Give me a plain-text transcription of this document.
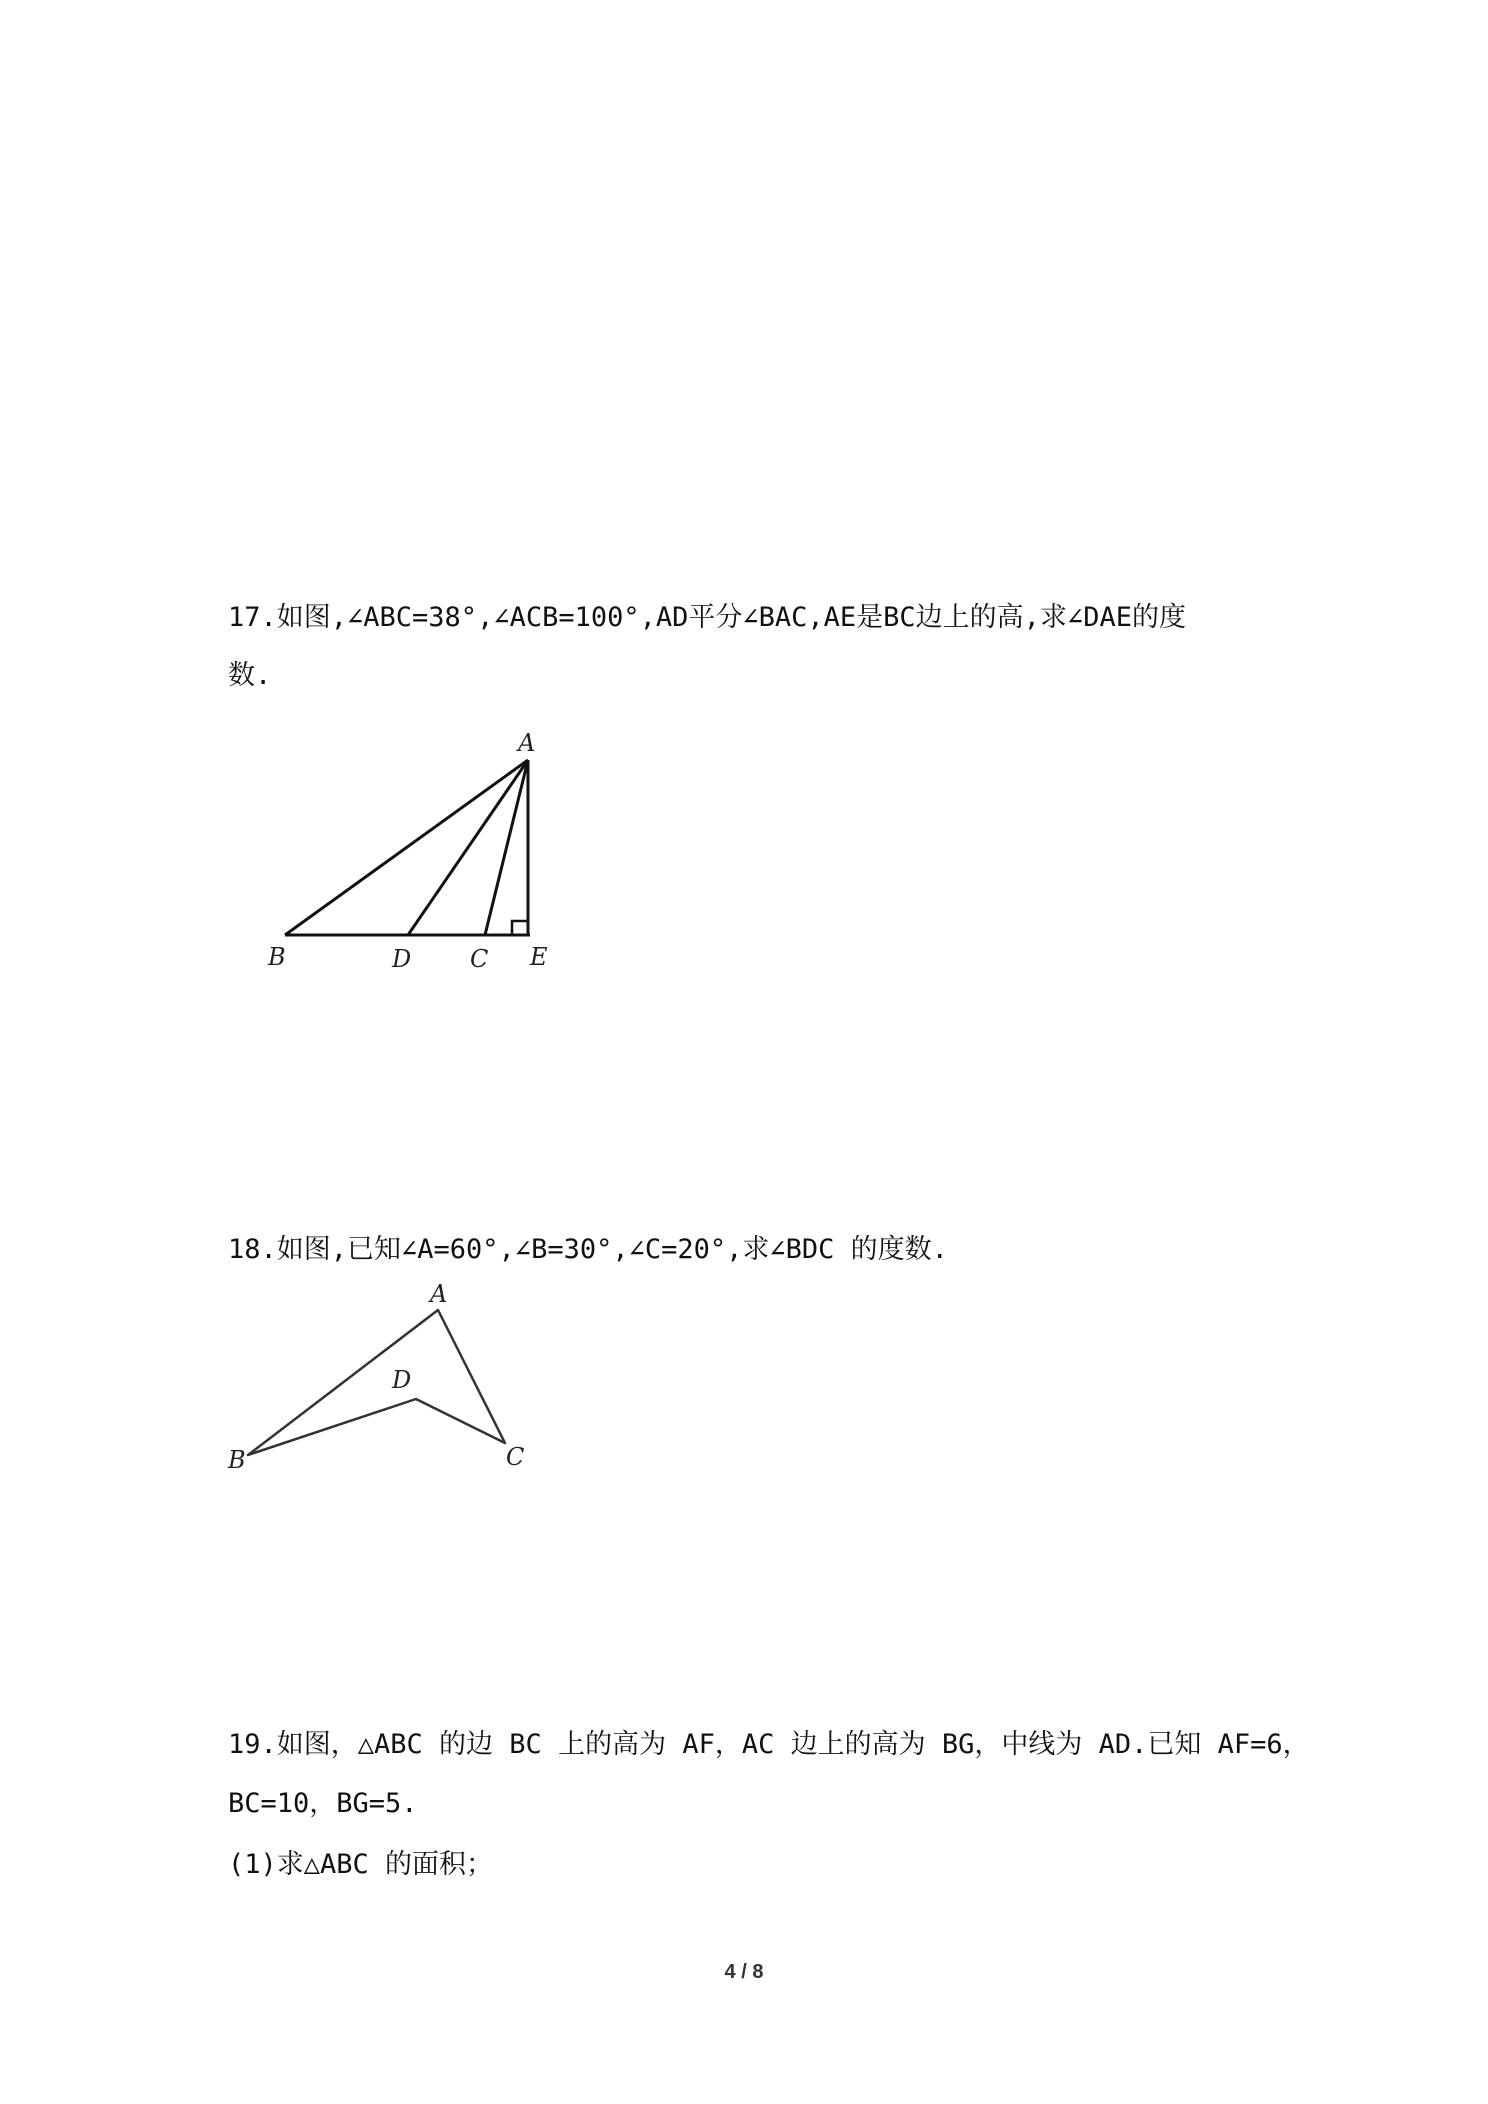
17.如图,∠ABC=38°,∠ACB=100°,AD平分∠BAC,AE是BC边上的高,求∠DAE的度
数.
A
B	D C E
18.如图,已知∠A=60°,∠B=30°,∠C=20°,求∠BDC 的度数.
A
B	C
D
19.如图，△ABC 的边 BC 上的高为 AF，AC 边上的高为 BG，中线为 AD.已知 AF=6，
BC=10，BG=5.
(1)求△ABC 的面积；
4 / 8
